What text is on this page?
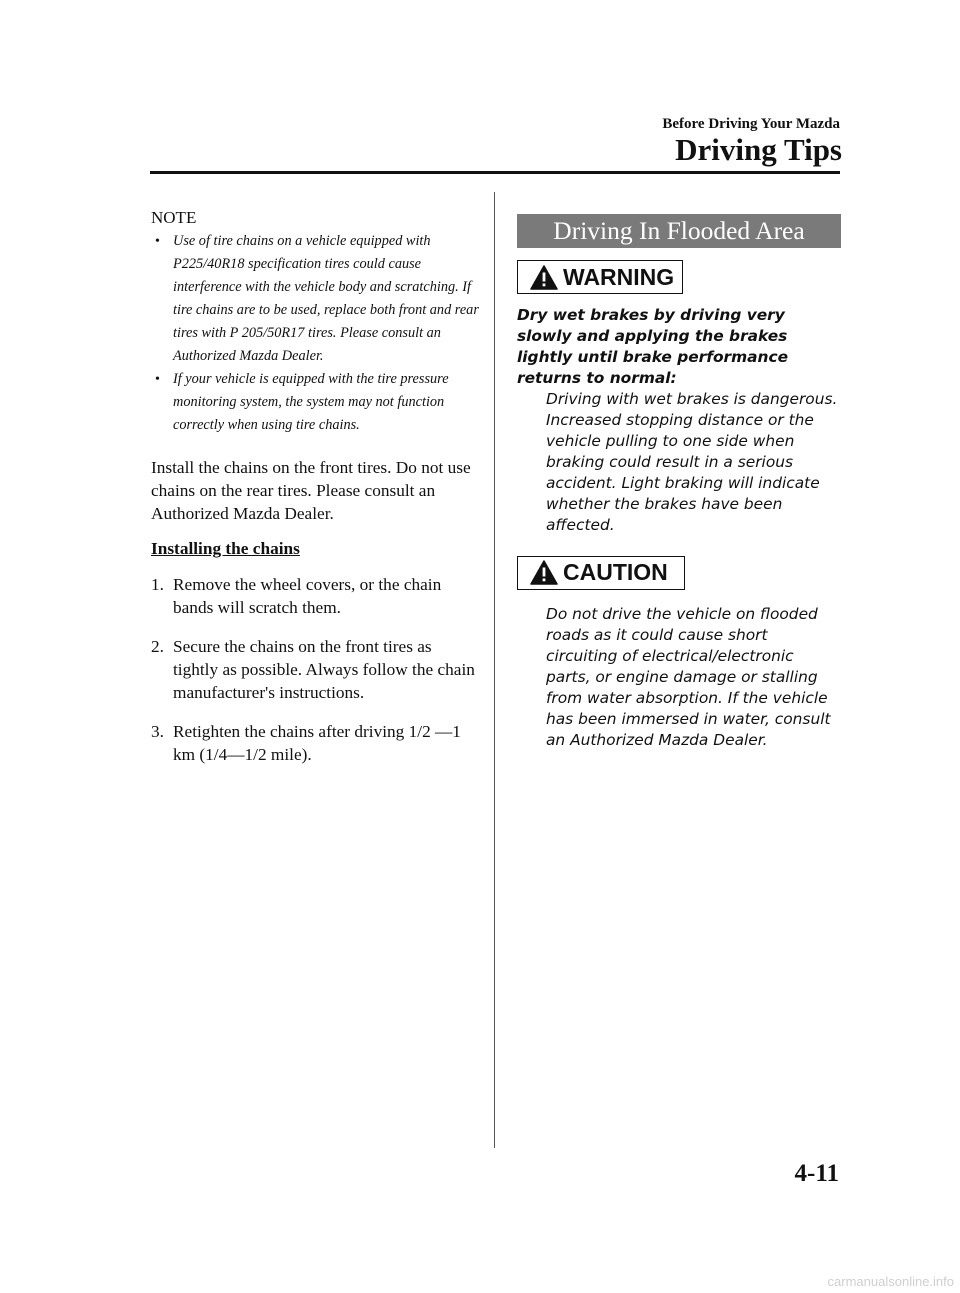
Before Driving Your Mazda
Driving Tips
NOTE
• Use of tire chains on a vehicle equipped with P225/40R18 specification tires could cause interference with the vehicle body and scratching. If tire chains are to be used, replace both front and rear tires with P 205/50R17 tires. Please consult an Authorized Mazda Dealer.
• If your vehicle is equipped with the tire pressure monitoring system, the system may not function correctly when using tire chains.

Install the chains on the front tires. Do not use chains on the rear tires. Please consult an Authorized Mazda Dealer.

Installing the chains
1. Remove the wheel covers, or the chain bands will scratch them.
2. Secure the chains on the front tires as tightly as possible. Always follow the chain manufacturer's instructions.
3. Retighten the chains after driving 1/2 ―1 km (1/4―1/2 mile).
Driving In Flooded Area
WARNING

Dry wet brakes by driving very slowly and applying the brakes lightly until brake performance returns to normal:

Driving with wet brakes is dangerous. Increased stopping distance or the vehicle pulling to one side when braking could result in a serious accident. Light braking will indicate whether the brakes have been affected.

CAUTION

Do not drive the vehicle on flooded roads as it could cause short circuiting of electrical/electronic parts, or engine damage or stalling from water absorption. If the vehicle has been immersed in water, consult an Authorized Mazda Dealer.

4-11
carmanualsonline.info
